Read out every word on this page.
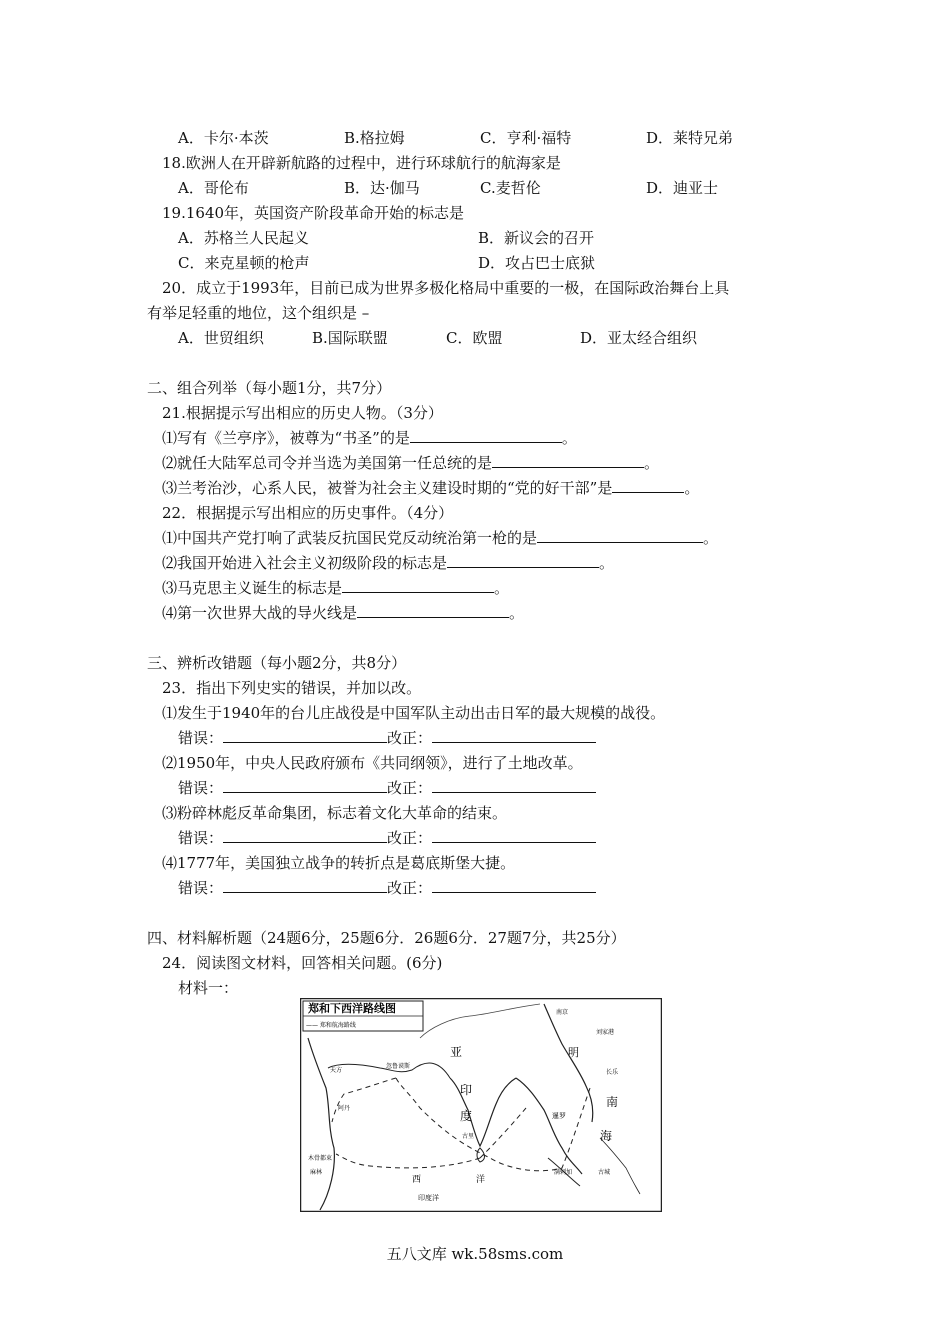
A．卡尔·本茨	B.格拉姆	C．亨利·福特	D．莱特兄弟
18.欧洲人在开辟新航路的过程中，进行环球航行的航海家是
A．哥伦布	B．达·伽马	C.麦哲伦	D．迪亚士
19.1640年，英国资产阶段革命开始的标志是
A．苏格兰人民起义	B．新议会的召开
C．来克星顿的枪声	D．攻占巴士底狱
20．成立于1993年，目前已成为世界多极化格局中重要的一极，在国际政治舞台上具
有举足轻重的地位，这个组织是 –
A．世贸组织	B.国际联盟	C．欧盟	D．亚太经合组织
二、组合列举（每小题1分，共7分）
21.根据提示写出相应的历史人物。（3分）
⑴写有《兰亭序》，被尊为“书圣”的是	。
⑵就任大陆军总司令并当选为美国第一任总统的是	。
⑶兰考治沙，心系人民，被誉为社会主义建设时期的“党的好干部”是	。
22．根据提示写出相应的历史事件。（4分）
⑴中国共产党打响了武装反抗国民党反动统治第一枪的是	。
⑵我国开始进入社会主义初级阶段的标志是	。
⑶马克思主义诞生的标志是	。
⑷第一次世界大战的导火线是	。
三、辨析改错题（每小题2分，共8分）
23．指出下列史实的错误，并加以改。
⑴发生于1940年的台儿庄战役是中国军队主动出击日军的最大规模的战役。
错误：	改正：
⑵1950年，中央人民政府颁布《共同纲领》，进行了土地改革。
错误：	改正：
⑶粉碎林彪反革命集团，标志着文化大革命的结束。
错误：	改正：
⑷1777年，美国独立战争的转折点是葛底斯堡大捷。
错误：	改正：
四、材料解析题（24题6分，25题6分．26题6分．27题7分，共25分）
24．阅读图文材料，回答相关问题。(6分)
材料一：
郑和下西洋路线图
—— 郑和航海路线
亚
印
度
明
南
海
西	洋
印度洋
天方
忽鲁谟斯
阿丹
木骨都束
麻林
古里
满剌加
暹罗
南京
刘家港
长乐
古城
五八文库 wk.58sms.com
